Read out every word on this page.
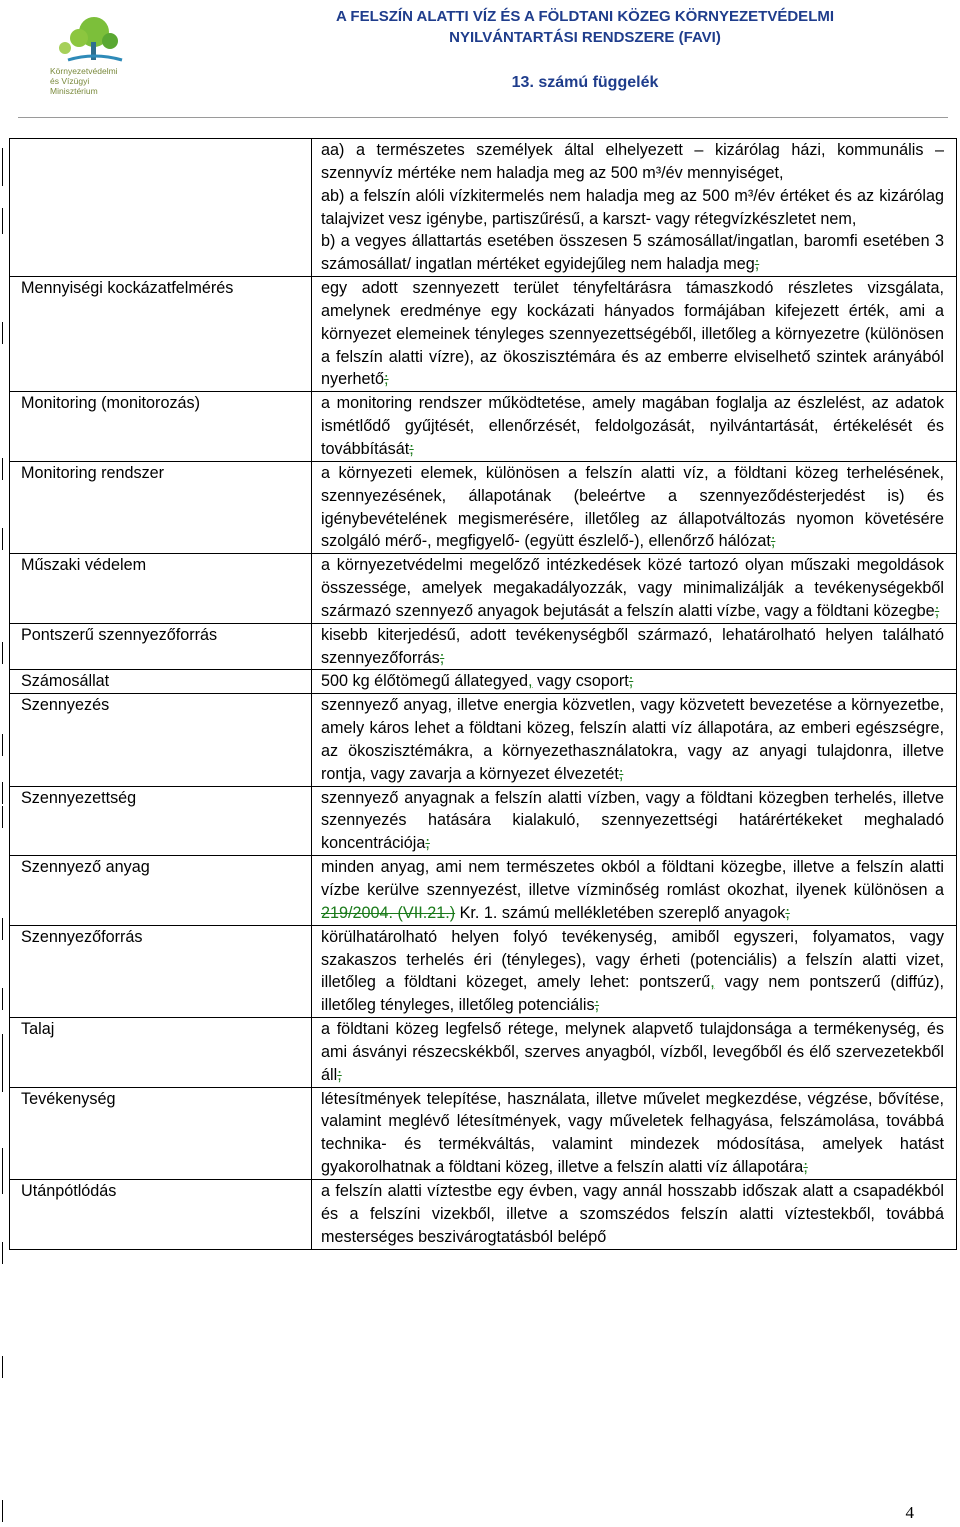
Környezetvédelmi
és Vízügyi
Minisztérium
A FELSZÍN ALATTI VÍZ ÉS A FÖLDTANI KÖZEG KÖRNYEZETVÉDELMI
NYILVÁNTARTÁSI RENDSZERE (FAVI)
13. számú függelék

	aa) a természetes személyek által elhelyezett – kizárólag házi, kommunális – szennyvíz mértéke nem haladja meg az 500 m³/év mennyiséget,
ab) a felszín alóli vízkitermelés nem haladja meg az 500 m³/év értéket és az kizárólag talajvizet vesz igénybe, partiszűrésű, a karszt- vagy rétegvízkészletet nem,
b) a vegyes állattartás esetében összesen 5 számosállat/ingatlan, baromfi esetében 3 számosállat/ ingatlan mértéket egyidejűleg nem haladja meg;

Mennyiségi kockázatfelmérés	egy adott szennyezett terület tényfeltárásra támaszkodó részletes vizsgálata, amelynek eredménye egy kockázati hányados formájában kifejezett érték, ami a környezet elemeinek tényleges szennyezettségéből, illetőleg a környezetre (különösen a felszín alatti vízre), az ökoszisztémára és az emberre elviselhető szintek arányából nyerhető;
Monitoring (monitorozás)	a monitoring rendszer működtetése, amely magában foglalja az észlelést, az adatok ismétlődő gyűjtését, ellenőrzését, feldolgozását, nyilvántartását, értékelését és továbbítását;
Monitoring rendszer	a környezeti elemek, különösen a felszín alatti víz, a földtani közeg terhelésének, szennyezésének, állapotának (beleértve a szennyeződésterjedést is) és igénybevételének megismerésére, illetőleg az állapotváltozás nyomon követésére szolgáló mérő-, megfigyelő- (együtt észlelő-), ellenőrző hálózat;
Műszaki védelem	a környezetvédelmi megelőző intézkedések közé tartozó olyan műszaki megoldások összessége, amelyek megakadályozzák, vagy minimalizálják a tevékenységekből származó szennyező anyagok bejutását a felszín alatti vízbe, vagy a földtani közegbe;
Pontszerű szennyezőforrás	kisebb kiterjedésű, adott tevékenységből származó, lehatárolható helyen található szennyezőforrás;
Számosállat	500 kg élőtömegű állategyed, vagy csoport;
Szennyezés	szennyező anyag, illetve energia közvetlen, vagy közvetett bevezetése a környezetbe, amely káros lehet a földtani közeg, felszín alatti víz állapotára, az emberi egészségre, az ökoszisztémákra, a környezethasználatokra, vagy az anyagi tulajdonra, illetve rontja, vagy zavarja a környezet élvezetét;
Szennyezettség	szennyező anyagnak a felszín alatti vízben, vagy a földtani közegben terhelés, illetve szennyezés hatására kialakuló, szennyezettségi határértékeket meghaladó koncentrációja;
Szennyező anyag	minden anyag, ami nem természetes okból a földtani közegbe, illetve a felszín alatti vízbe kerülve szennyezést, illetve vízminőség romlást okozhat, ilyenek különösen a 219/2004. (VII.21.) Kr. 1. számú mellékletében szereplő anyagok;
Szennyezőforrás	körülhatárolható helyen folyó tevékenység, amiből egyszeri, folyamatos, vagy szakaszos terhelés éri (tényleges), vagy érheti (potenciális) a felszín alatti vizet, illetőleg a földtani közeget, amely lehet: pontszerű, vagy nem pontszerű (diffúz), illetőleg tényleges, illetőleg potenciális;
Talaj	a földtani közeg legfelső rétege, melynek alapvető tulajdonsága a termékenység, és ami ásványi részecskékből, szerves anyagból, vízből, levegőből és élő szervezetekből áll;
Tevékenység	létesítmények telepítése, használata, illetve művelet megkezdése, végzése, bővítése, valamint meglévő létesítmények, vagy műveletek felhagyása, felszámolása, továbbá technika- és termékváltás, valamint mindezek módosítása, amelyek hatást gyakorolhatnak a földtani közeg, illetve a felszín alatti víz állapotára;
Utánpótlódás	a felszín alatti víztestbe egy évben, vagy annál hosszabb időszak alatt a csapadékból és a felszíni vizekből, illetve a szomszédos felszín alatti víztestekből, továbbá mesterséges beszivárogtatásból belépő
4
